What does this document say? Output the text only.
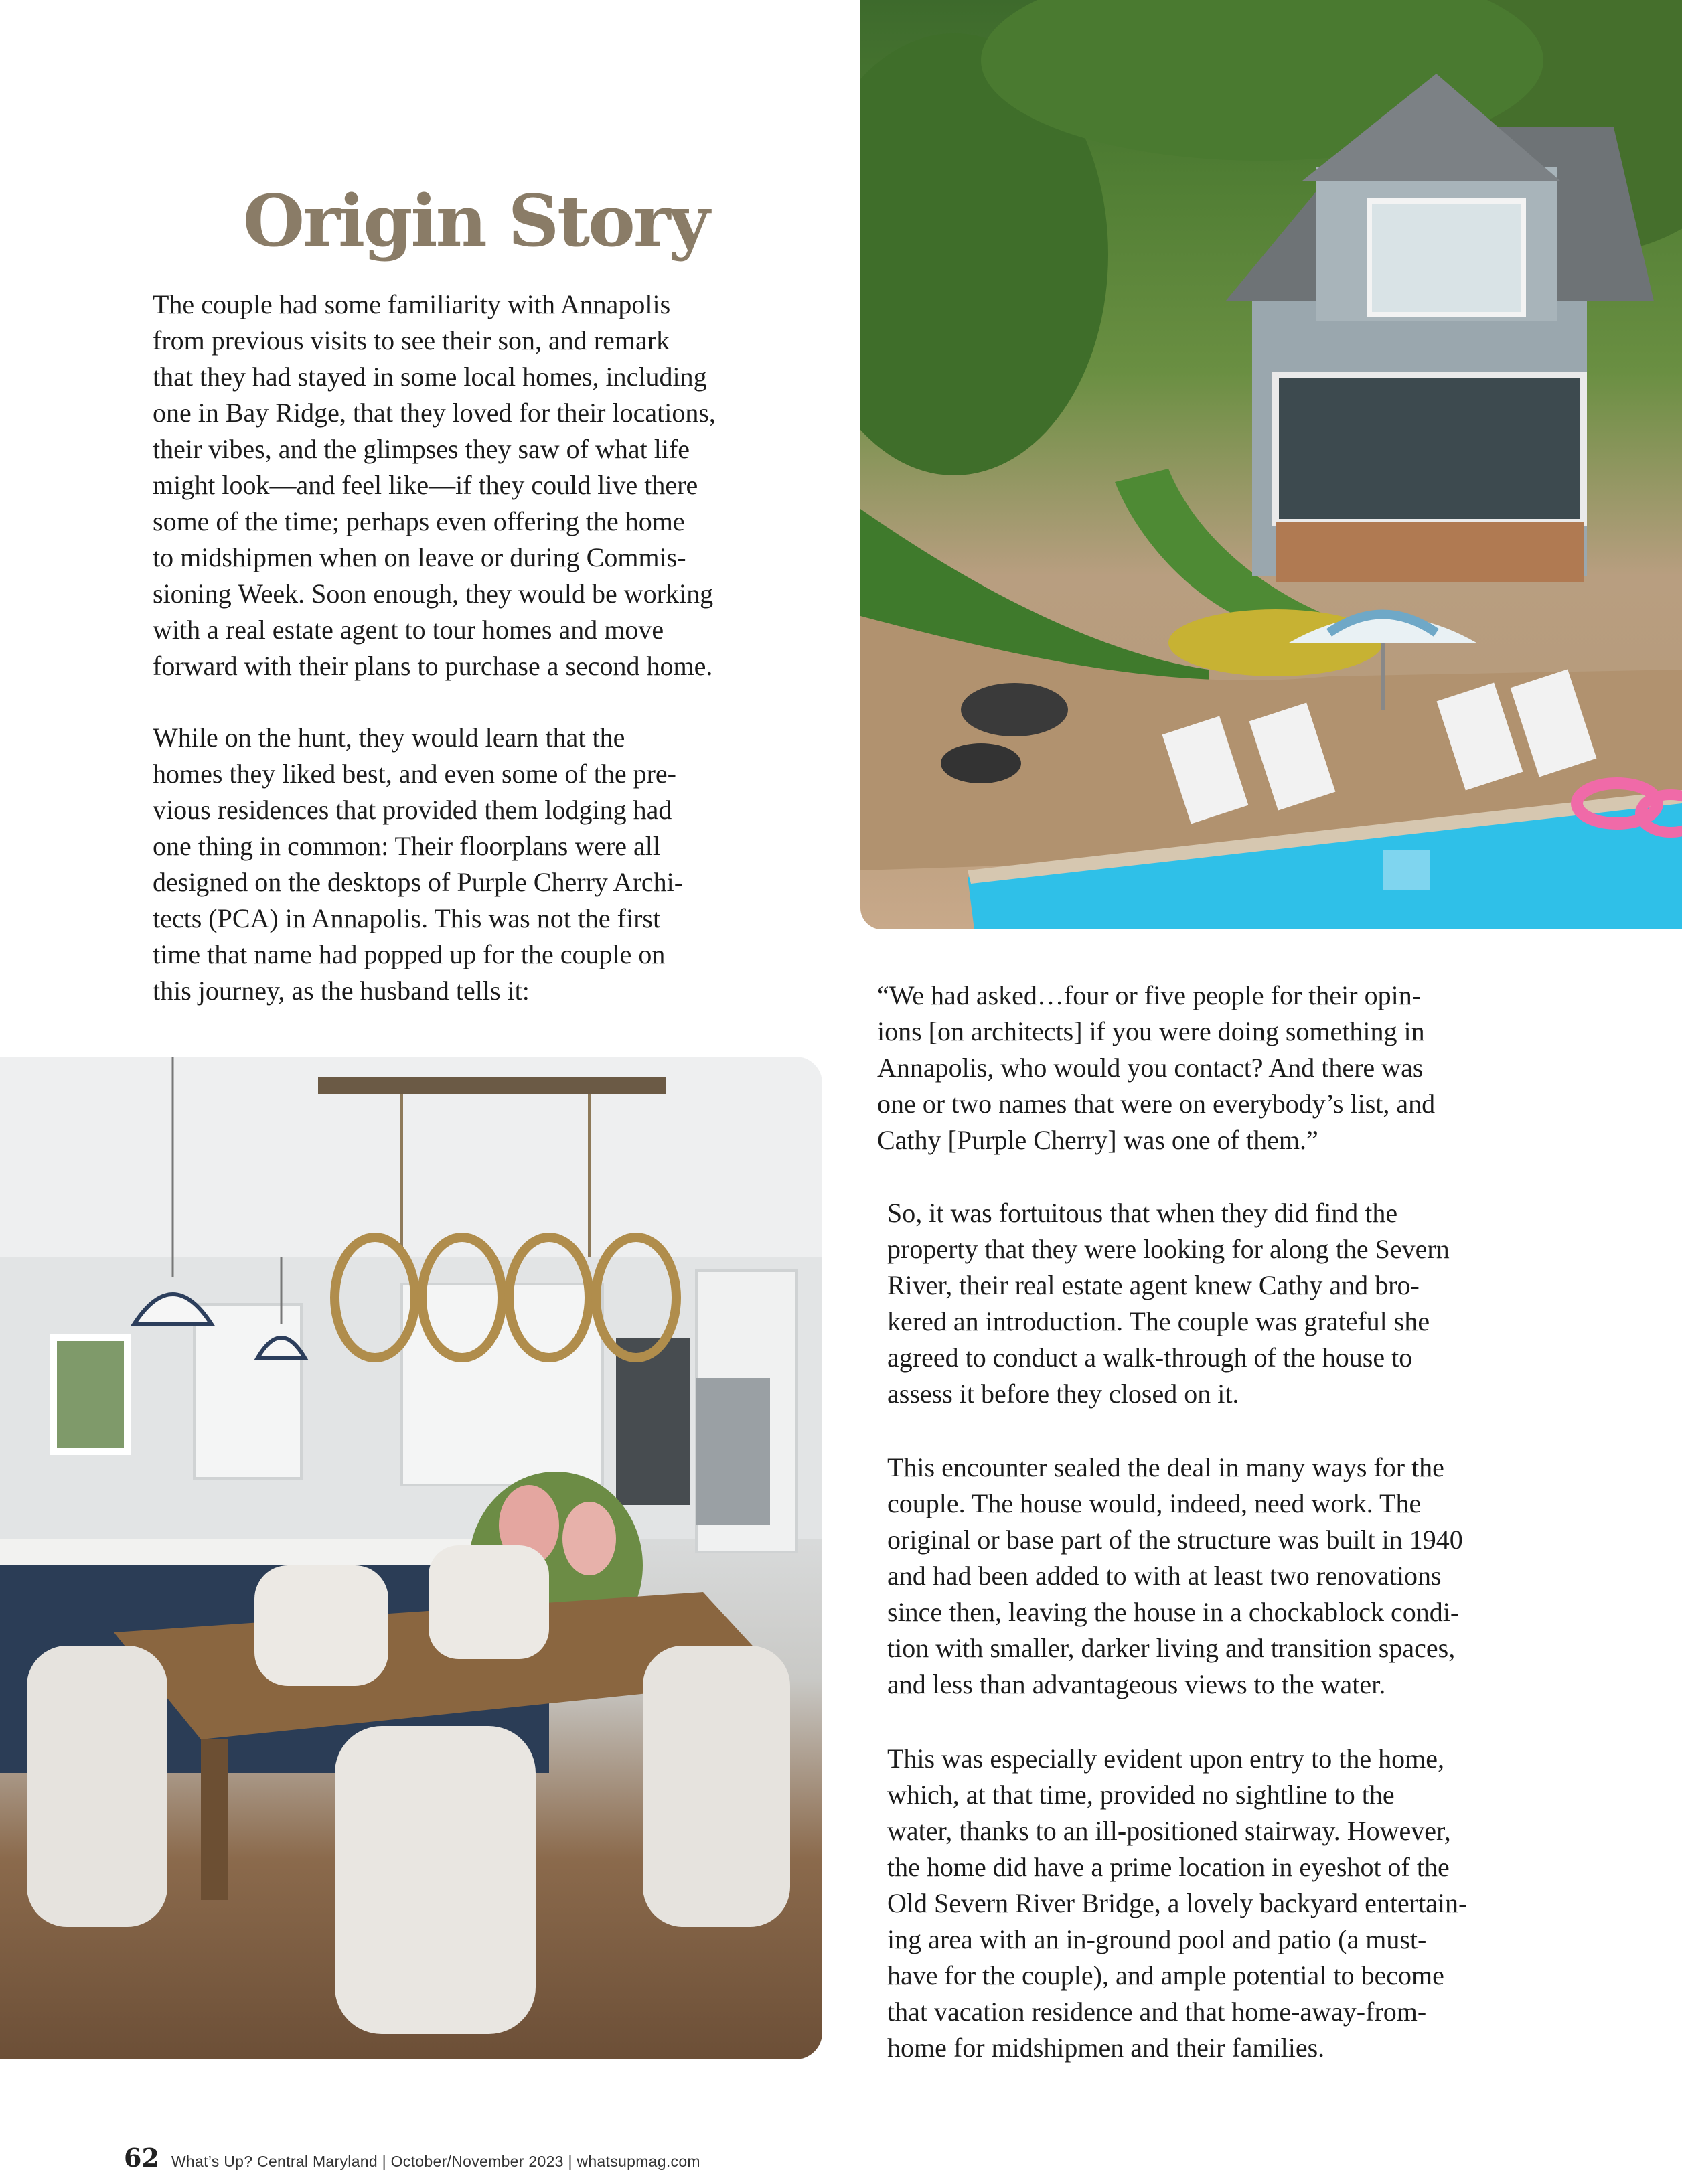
Origin Story

The couple had some familiarity with Annapolis
from previous visits to see their son, and remark
that they had stayed in some local homes, including
one in Bay Ridge, that they loved for their locations,
their vibes, and the glimpses they saw of what life
might look—and feel like—if they could live there
some of the time; perhaps even offering the home
to midshipmen when on leave or during Commis-
sioning Week. Soon enough, they would be working
with a real estate agent to tour homes and move
forward with their plans to purchase a second home.

While on the hunt, they would learn that the
homes they liked best, and even some of the pre-
vious residences that provided them lodging had
one thing in common: Their floorplans were all
designed on the desktops of Purple Cherry Archi-
tects (PCA) in Annapolis. This was not the first
time that name had popped up for the couple on
this journey, as the husband tells it:	“We had asked…four or five people for their opin-
ions [on architects] if you were doing something in
Annapolis, who would you contact? And there was
one or two names that were on everybody’s list, and
Cathy [Purple Cherry] was one of them.”

So, it was fortuitous that when they did find the
property that they were looking for along the Severn
River, their real estate agent knew Cathy and bro-
kered an introduction. The couple was grateful she
agreed to conduct a walk-through of the house to
assess it before they closed on it.

This encounter sealed the deal in many ways for the
couple. The house would, indeed, need work. The
original or base part of the structure was built in 1940
and had been added to with at least two renovations
since then, leaving the house in a chockablock condi-
tion with smaller, darker living and transition spaces,
and less than advantageous views to the water.

This was especially evident upon entry to the home,
which, at that time, provided no sightline to the
water, thanks to an ill-positioned stairway. However,
the home did have a prime location in eyeshot of the
Old Severn River Bridge, a lovely backyard entertain-
ing area with an in-ground pool and patio (a must-
have for the couple), and ample potential to become
that vacation residence and that home-away-from-
home for midshipmen and their families.

62 What’s Up? Central Maryland | October/November 2023 | whatsupmag.com
